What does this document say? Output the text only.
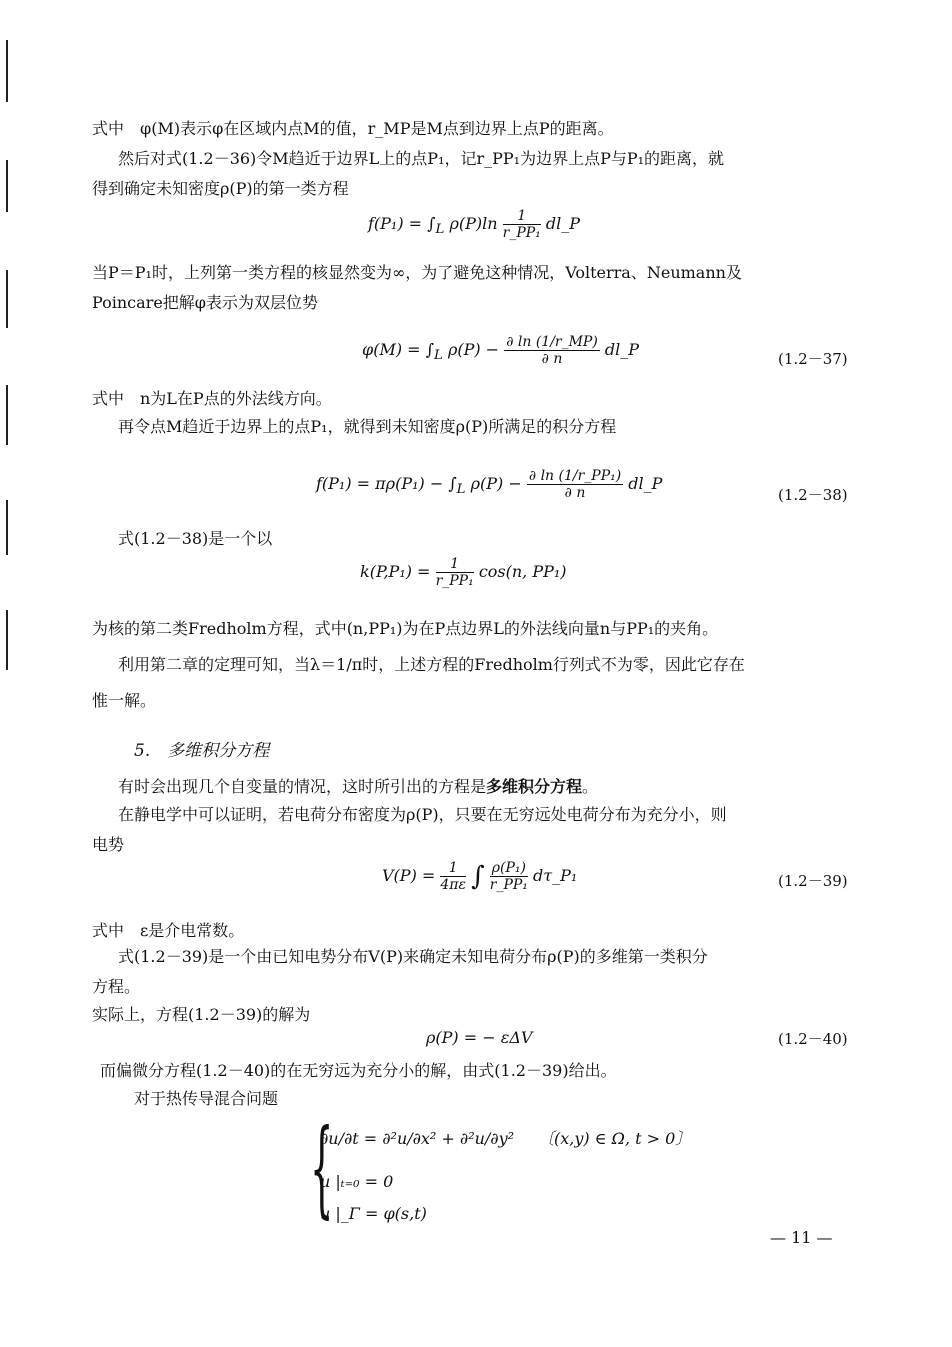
式中　φ(M)表示φ在区域内点M的值，r_MP是M点到边界上点P的距离。
然后对式(1.2－36)令M趋近于边界L上的点P₁，记r_PP₁为边界上点P与P₁的距离，就
得到确定未知密度ρ(P)的第一类方程
$f(P_1) = \int_L$ $\rho(P)\ln \frac{1}{\text{r\_PP₁}}$ dl_P
当P＝P₁时，上列第一类方程的核显然变为∞，为了避免这种情况，Volterra、Neumann及
Poincare把解φ表示为双层位势
$\varphi(M) = \int_L$ $\rho(P) - \frac{\partial \ln (1/r\_MP)}{\partial n}$ dl_P	(1.2－37)
式中　n为L在P点的外法线方向。
再令点M趋近于边界上的点P₁，就得到未知密度ρ(P)所满足的积分方程
$f(P_1) = \pi\rho(P_1) - \int_L$ $\rho(P) - \frac{\text{∂ ln (1/r\_PP₁)}}{\partial n}$ dl_P
(1.2－38)
式(1.2－38)是一个以
$k(P,P_1) = \frac{1}{\text{r\_PP₁}} \cos(n$, PP₁)
为核的第二类Fredholm方程，式中(n,PP₁)为在P点边界L的外法线向量n与PP₁的夹角。
利用第二章的定理可知，当λ＝1/π时，上述方程的Fredholm行列式不为零，因此它存在
惟一解。
5.　多维积分方程
有时会出现几个自变量的情况，这时所引出的方程是多维积分方程。
在静电学中可以证明，若电荷分布密度为ρ(P)，只要在无穷远处电荷分布为充分小，则
电势
$V(P) = \frac{1}{4\pi\varepsilon}$ ∫ $\frac{\text{ρ(P₁)}}{\text{r\_PP₁}}$ dτ_P₁	(1.2－39)
式中　ε是介电常数。
式(1.2－39)是一个由已知电势分布V(P)来确定未知电荷分布ρ(P)的多维第一类积分
方程。
实际上，方程(1.2－39)的解为
ρ(P) = − εΔV	(1.2－40)
而偏微分方程(1.2－40)的在无穷远为充分小的解，由式(1.2－39)给出。
对于热传导混合问题
{
∂u/∂t = ∂²u/∂x² + ∂²u/∂y²　　〔(x,y) ∈ Ω, t > 0〕
u |ₜ₌₀ = 0
u |_Γ = φ(s,t)
— 11 —
